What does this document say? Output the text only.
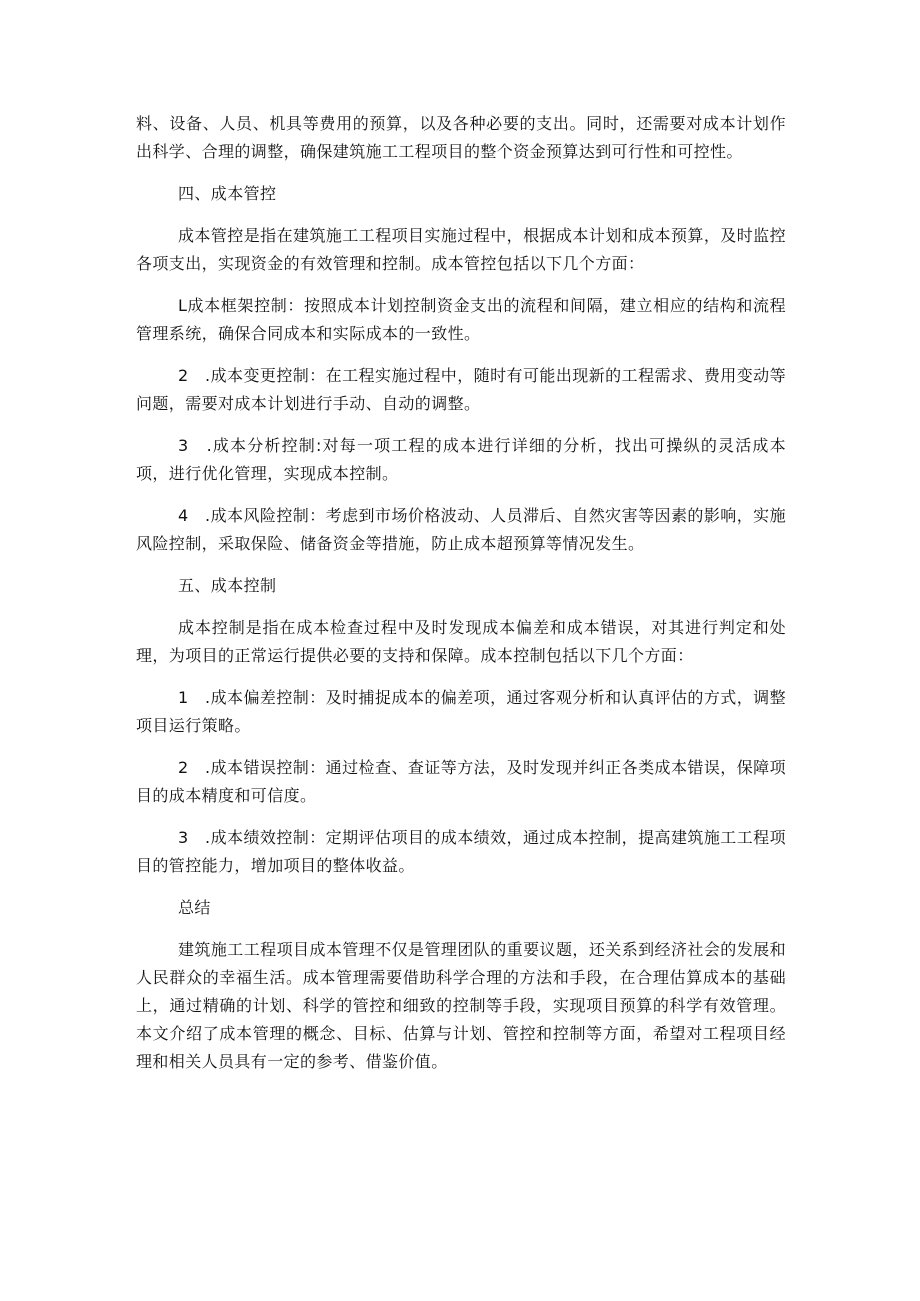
料、设备、人员、机具等费用的预算，以及各种必要的支出。同时，还需要对成本计划作出科学、合理的调整，确保建筑施工工程项目的整个资金预算达到可行性和可控性。

四、成本管控

成本管控是指在建筑施工工程项目实施过程中，根据成本计划和成本预算，及时监控各项支出，实现资金的有效管理和控制。成本管控包括以下几个方面：

L成本框架控制：按照成本计划控制资金支出的流程和间隔，建立相应的结构和流程管理系统，确保合同成本和实际成本的一致性。

2　.成本变更控制：在工程实施过程中，随时有可能出现新的工程需求、费用变动等问题，需要对成本计划进行手动、自动的调整。

3　.成本分析控制:对每一项工程的成本进行详细的分析，找出可操纵的灵活成本项，进行优化管理，实现成本控制。

4　.成本风险控制：考虑到市场价格波动、人员滞后、自然灾害等因素的影响，实施风险控制，采取保险、储备资金等措施，防止成本超预算等情况发生。

五、成本控制

成本控制是指在成本检查过程中及时发现成本偏差和成本错误，对其进行判定和处理，为项目的正常运行提供必要的支持和保障。成本控制包括以下几个方面：

1　.成本偏差控制：及时捕捉成本的偏差项，通过客观分析和认真评估的方式，调整项目运行策略。

2　.成本错误控制：通过检查、查证等方法，及时发现并纠正各类成本错误，保障项目的成本精度和可信度。

3　.成本绩效控制：定期评估项目的成本绩效，通过成本控制，提高建筑施工工程项目的管控能力，增加项目的整体收益。

总结

建筑施工工程项目成本管理不仅是管理团队的重要议题，还关系到经济社会的发展和人民群众的幸福生活。成本管理需要借助科学合理的方法和手段，在合理估算成本的基础上，通过精确的计划、科学的管控和细致的控制等手段，实现项目预算的科学有效管理。本文介绍了成本管理的概念、目标、估算与计划、管控和控制等方面，希望对工程项目经理和相关人员具有一定的参考、借鉴价值。
